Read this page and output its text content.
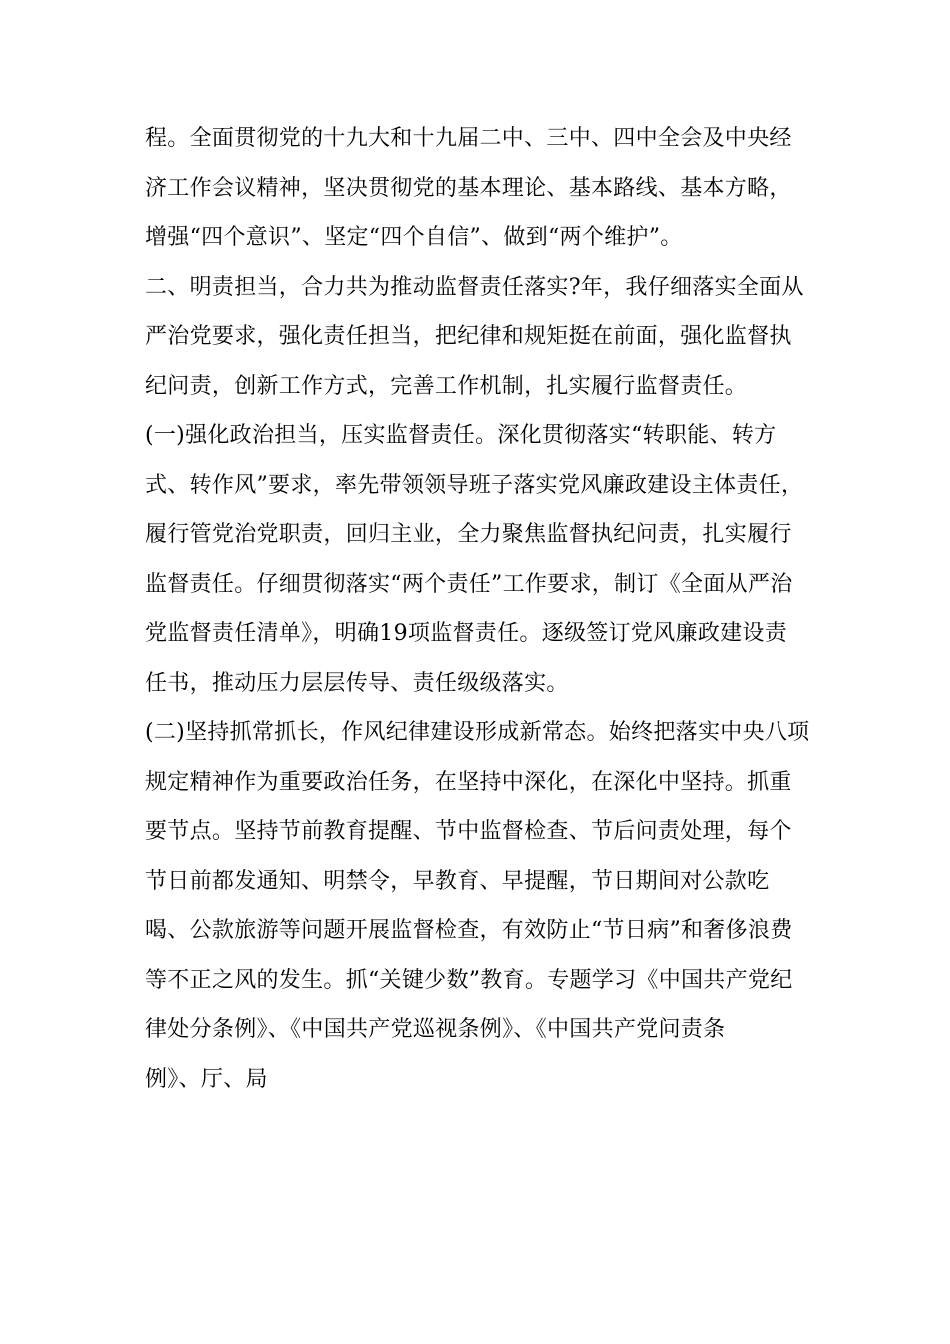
程。全面贯彻党的十九大和十九届二中、三中、四中全会及中央经
济工作会议精神，坚决贯彻党的基本理论、基本路线、基本方略，
增强“四个意识”、坚定“四个自信”、做到“两个维护”。
二、明责担当，合力共为推动监督责任落实?年，我仔细落实全面从
严治党要求，强化责任担当，把纪律和规矩挺在前面，强化监督执
纪问责，创新工作方式，完善工作机制，扎实履行监督责任。
(一)强化政治担当，压实监督责任。深化贯彻落实“转职能、转方
式、转作风”要求，率先带领领导班子落实党风廉政建设主体责任，
履行管党治党职责，回归主业，全力聚焦监督执纪问责，扎实履行
监督责任。仔细贯彻落实“两个责任”工作要求，制订《全面从严治
党监督责任清单》，明确19项监督责任。逐级签订党风廉政建设责
任书，推动压力层层传导、责任级级落实。
(二)坚持抓常抓长，作风纪律建设形成新常态。始终把落实中央八项
规定精神作为重要政治任务，在坚持中深化，在深化中坚持。抓重
要节点。坚持节前教育提醒、节中监督检查、节后问责处理，每个
节日前都发通知、明禁令，早教育、早提醒，节日期间对公款吃
喝、公款旅游等问题开展监督检查，有效防止“节日病”和奢侈浪费
等不正之风的发生。抓“关键少数”教育。专题学习《中国共产党纪
律处分条例》、《中国共产党巡视条例》、《中国共产党问责条
例》、厅、局
